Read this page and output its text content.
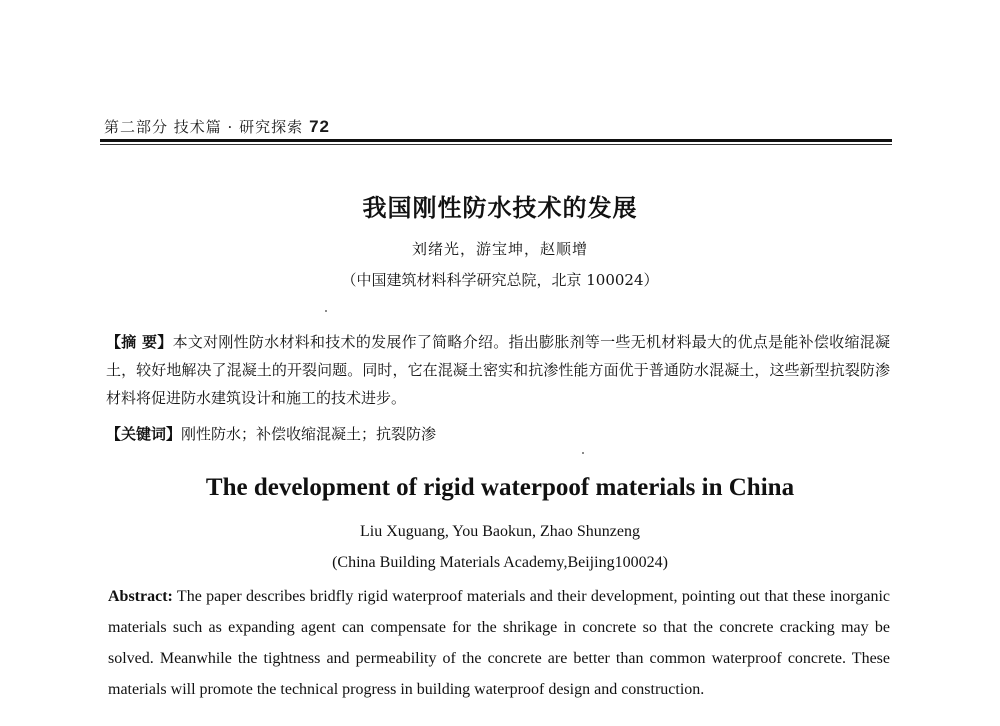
第二部分 技术篇 · 研究探索 72
我国刚性防水技术的发展
刘绪光，游宝坤，赵顺增
（中国建筑材料科学研究总院，北京 100024）
【摘 要】本文对刚性防水材料和技术的发展作了简略介绍。指出膨胀剂等一些无机材料最大的优点是能补偿收缩混凝土，较好地解决了混凝土的开裂问题。同时，它在混凝土密实和抗渗性能方面优于普通防水混凝土，这些新型抗裂防渗材料将促进防水建筑设计和施工的技术进步。
【关键词】刚性防水；补偿收缩混凝土；抗裂防渗
The development of rigid waterpoof materials in China
Liu Xuguang, You Baokun, Zhao Shunzeng
(China Building Materials Academy,Beijing100024)
Abstract: The paper describes bridfly rigid waterproof materials and their development, pointing out that these inorganic materials such as expanding agent can compensate for the shrikage in concrete so that the concrete cracking may be solved. Meanwhile the tightness and permeability of the concrete are better than common waterproof concrete. These materials will promote the technical progress in building waterproof design and construction.
